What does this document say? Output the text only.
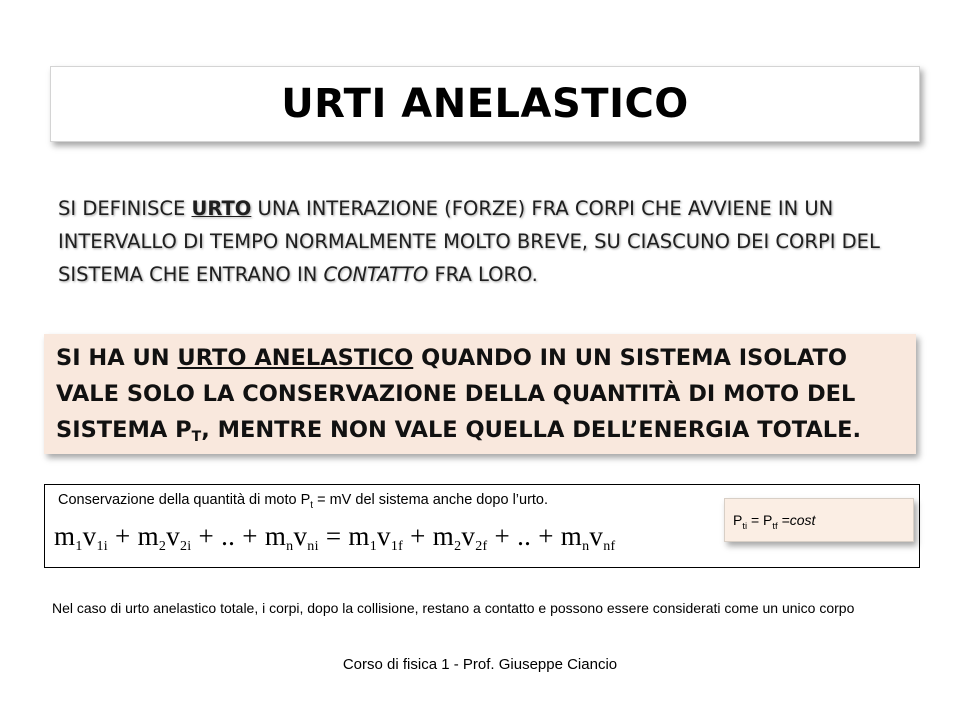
URTI ANELASTICO
SI DEFINISCE URTO UNA INTERAZIONE (FORZE) FRA CORPI CHE AVVIENE IN UN INTERVALLO DI TEMPO NORMALMENTE MOLTO BREVE, SU CIASCUNO DEI CORPI DEL SISTEMA CHE ENTRANO IN CONTATTO FRA LORO.
SI HA UN URTO ANELASTICO QUANDO IN UN SISTEMA ISOLATO VALE SOLO LA CONSERVAZIONE DELLA QUANTITÀ DI MOTO DEL SISTEMA $P_T$, MENTRE NON VALE QUELLA DELL’ENERGIA TOTALE.
Conservazione della quantità di moto $P_t$ = mV del sistema anche dopo l’urto.
$m_1v_{1i} + m_2v_{2i}$ + .. + $m_nv_{ni} = m_1v_{1f} + m_2v_{2f}$ + .. + $m_nv_{nf}$
$P_{ti} = P_{tf} =\cos t$
Nel caso di urto anelastico totale, i corpi, dopo la collisione, restano a contatto e possono essere considerati come un unico corpo
Corso di fisica 1 - Prof. Giuseppe Ciancio
